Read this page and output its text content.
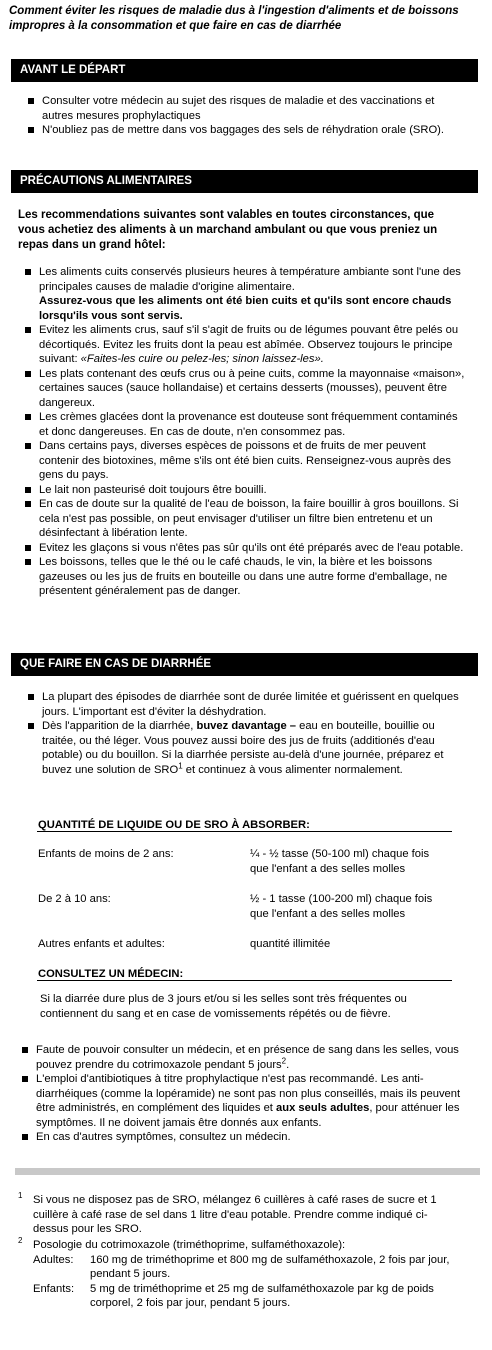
Comment éviter les risques de maladie dus à l'ingestion d'aliments et de boissons impropres à la consommation et que faire en cas de diarrhée
AVANT LE DÉPART
Consulter votre médecin au sujet des risques de maladie et des vaccinations et autres mesures prophylactiques
N'oubliez pas de mettre dans vos baggages des sels de réhydration orale (SRO).
PRÉCAUTIONS ALIMENTAIRES
Les recommendations suivantes sont valables en toutes circonstances, que vous achetiez des aliments à un marchand ambulant ou que vous preniez un repas dans un grand hôtel:
Les aliments cuits conservés plusieurs heures à température ambiante sont l'une des principales causes de maladie d'origine alimentaire.
Assurez-vous que les aliments ont été bien cuits et qu'ils sont encore chauds lorsqu'ils vous sont servis.
Evitez les aliments crus, sauf s'il s'agit de fruits ou de légumes pouvant être pelés ou décortiqués. Evitez les fruits dont la peau est abîmée. Observez toujours le principe suivant: «Faites-les cuire ou pelez-les; sinon laissez-les».
Les plats contenant des œufs crus ou à peine cuits, comme la mayonnaise «maison», certaines sauces (sauce hollandaise) et certains desserts (mousses), peuvent être dangereux.
Les crèmes glacées dont la provenance est douteuse sont fréquemment contaminés et donc dangereuses. En cas de doute, n'en consommez pas.
Dans certains pays, diverses espèces de poissons et de fruits de mer peuvent contenir des biotoxines, même s'ils ont été bien cuits. Renseignez-vous auprès des gens du pays.
Le lait non pasteurisé doit toujours être bouilli.
En cas de doute sur la qualité de l'eau de boisson, la faire bouillir à gros bouillons. Si cela n'est pas possible, on peut envisager d'utiliser un filtre bien entretenu et un désinfectant à libération lente.
Evitez les glaçons si vous n'êtes pas sûr qu'ils ont été préparés avec de l'eau potable.
Les boissons, telles que le thé ou le café chauds, le vin, la bière et les boissons gazeuses ou les jus de fruits en bouteille ou dans une autre forme d'emballage, ne présentent généralement pas de danger.
QUE FAIRE EN CAS DE DIARRHÉE
La plupart des épisodes de diarrhée sont de durée limitée et guérissent en quelques jours. L'important est d'éviter la déshydration.
Dès l'apparition de la diarrhée, buvez davantage – eau en bouteille, bouillie ou traitée, ou thé léger. Vous pouvez aussi boire des jus de fruits (additionés d'eau potable) ou du bouillon. Si la diarrhée persiste au-delà d'une journée, préparez et buvez une solution de SRO$^1$ et continuez à vous alimenter normalement.
QUANTITÉ DE LIQUIDE OU DE SRO À ABSORBER:
Enfants de moins de 2 ans:	¼ - ½ tasse (50-100 ml) chaque fois que l'enfant a des selles molles
De 2 à 10 ans:	½ - 1 tasse (100-200 ml) chaque fois que l'enfant a des selles molles
Autres enfants et adultes:	quantité illimitée
CONSULTEZ UN MÉDECIN:
Si la diarrée dure plus de 3 jours et/ou si les selles sont très fréquentes ou contiennent du sang et en case de vomissements répétés ou de fièvre.
Faute de pouvoir consulter un médecin, et en présence de sang dans les selles, vous pouvez prendre du cotrimoxazole pendant 5 jours$^2$.
L'emploi d'antibiotiques à titre prophylactique n'est pas recommandé. Les anti-diarrhéiques (comme la lopéramide) ne sont pas non plus conseillés, mais ils peuvent être administrés, en complément des liquides et aux seuls adultes, pour atténuer les symptômes. Il ne doivent jamais être donnés aux enfants.
En cas d'autres symptômes, consultez un médecin.
1 Si vous ne disposez pas de SRO, mélangez 6 cuillères à café rases de sucre et 1 cuillère à café rase de sel dans 1 litre d'eau potable. Prendre comme indiqué ci-dessus pour les SRO.
2 Posologie du cotrimoxazole (triméthoprime, sulfaméthoxazole):
Adultes:	160 mg de triméthoprime et 800 mg de sulfaméthoxazole, 2 fois par jour, pendant 5 jours.
Enfants:	5 mg de triméthoprime et 25 mg de sulfaméthoxazole par kg de poids corporel, 2 fois par jour, pendant 5 jours.
